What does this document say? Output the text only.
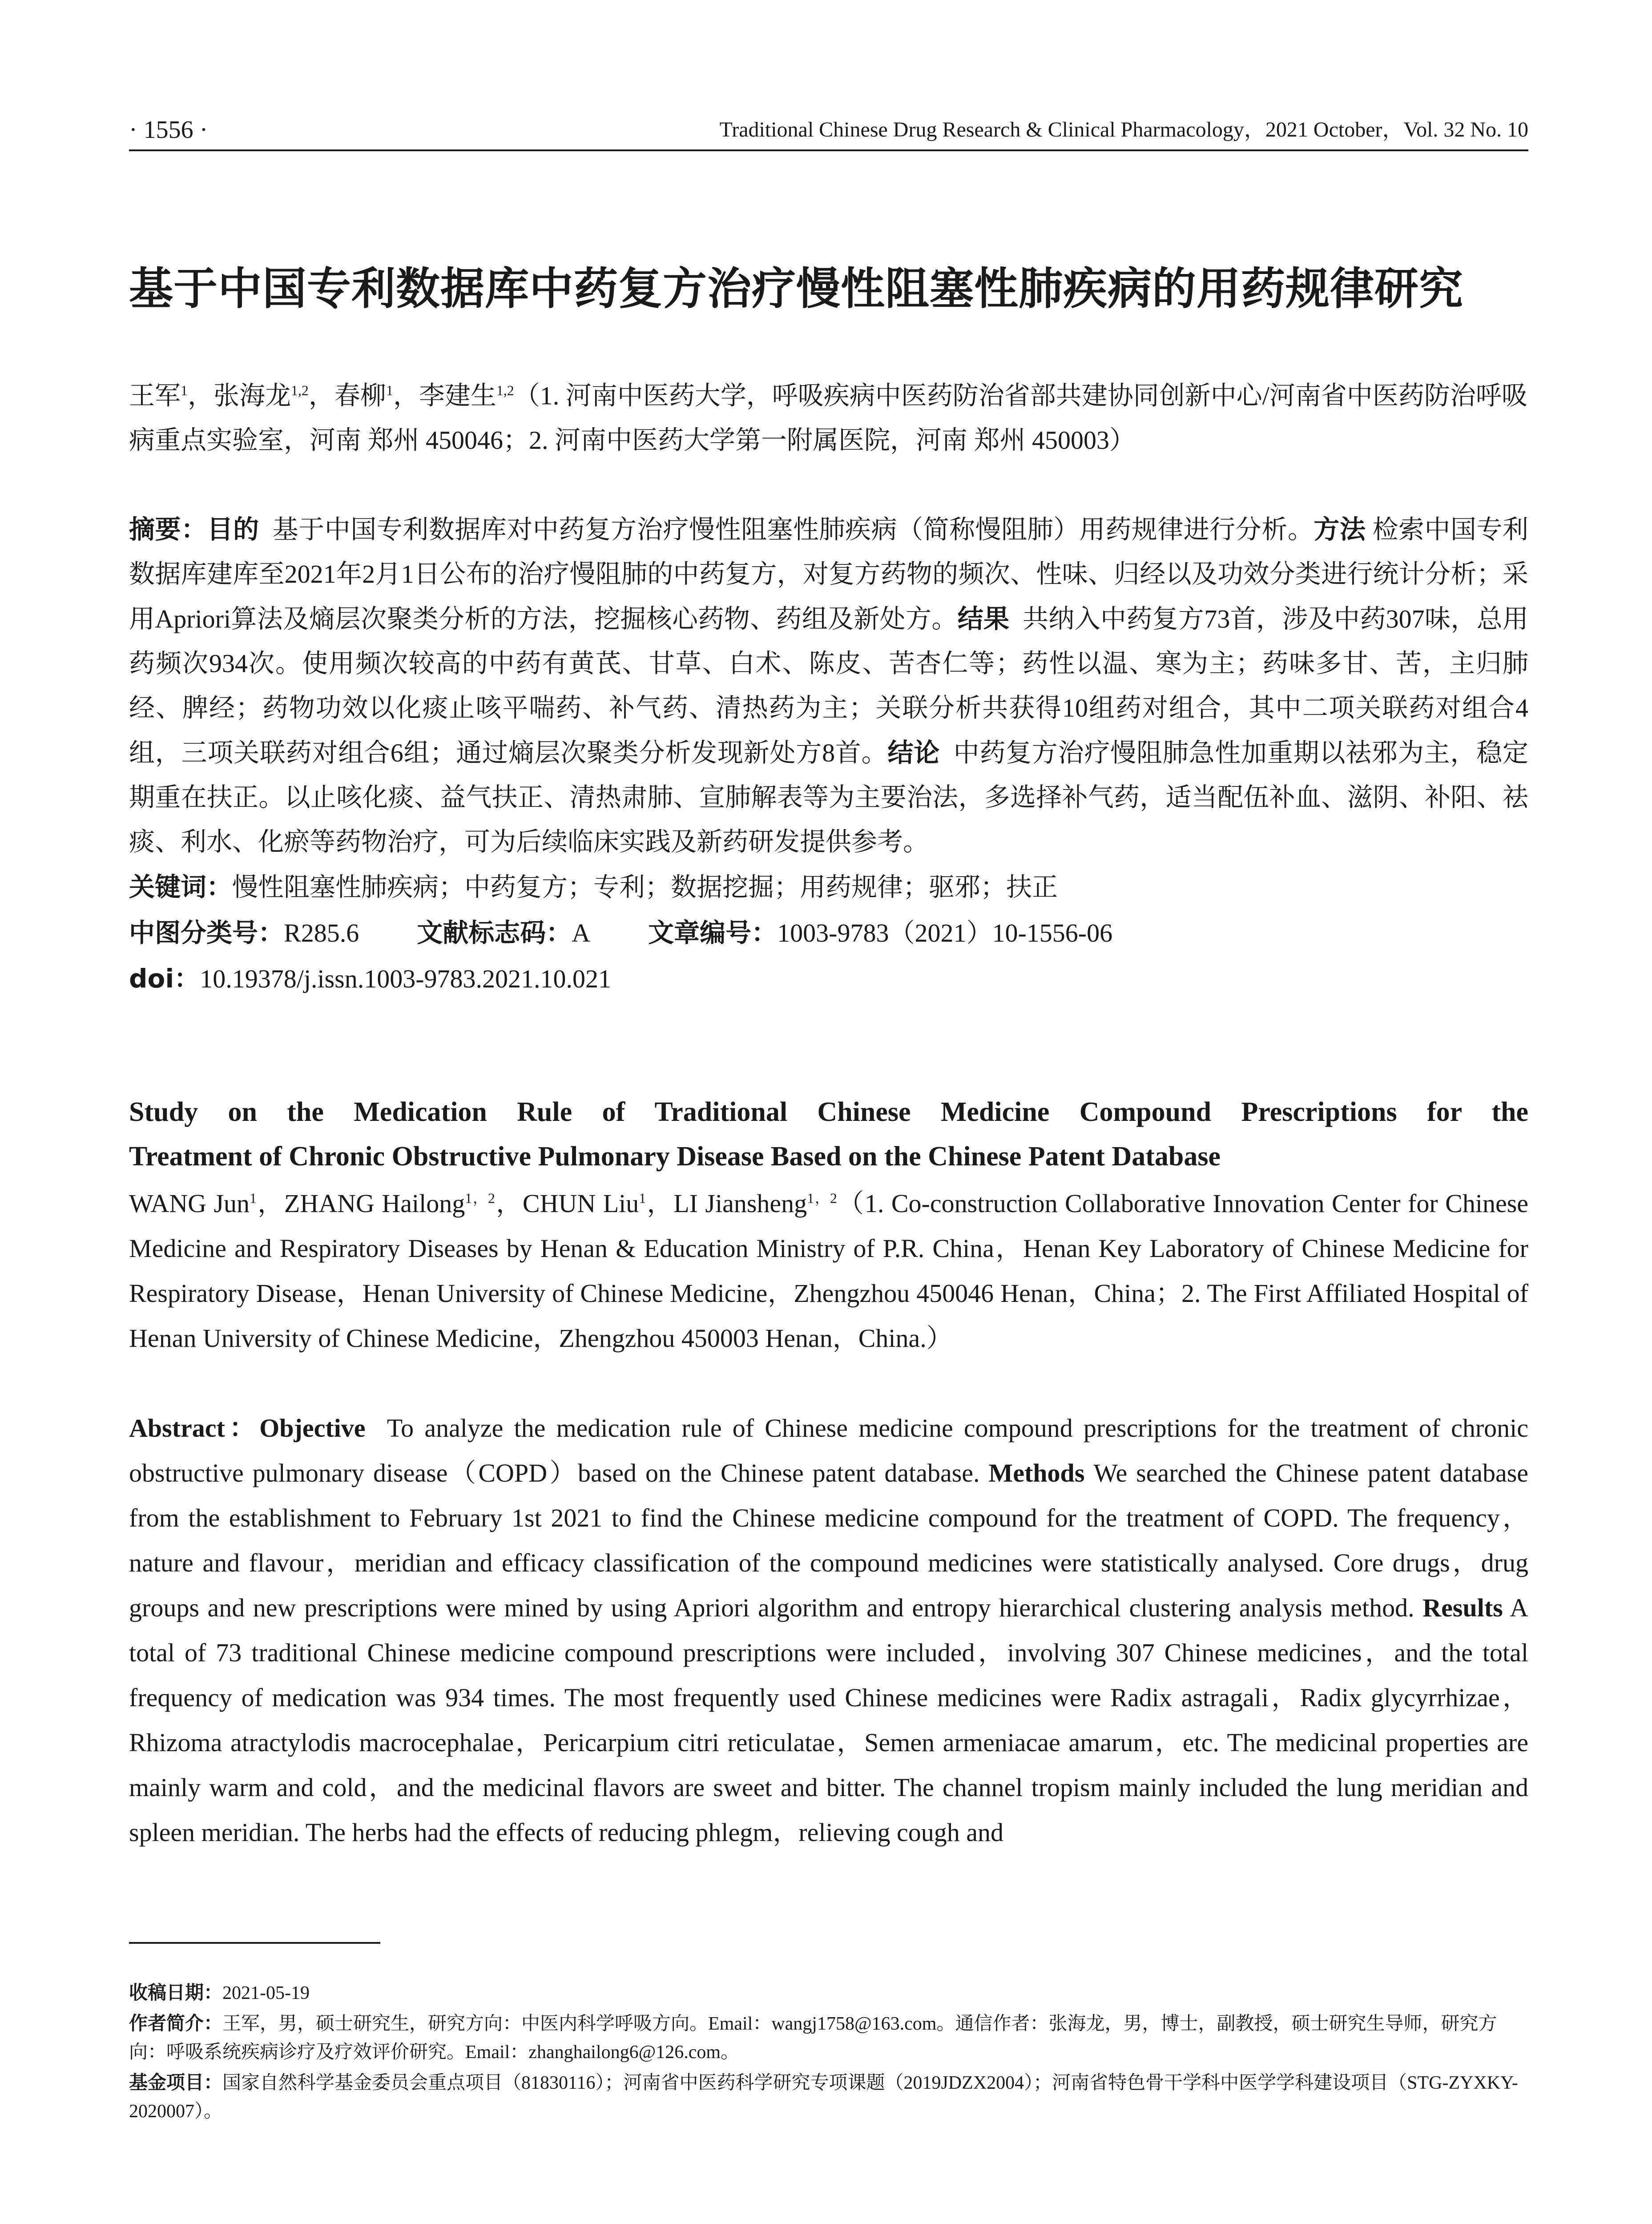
· 1556 ·	Traditional Chinese Drug Research & Clinical Pharmacology，2021 October，Vol. 32 No. 10
基于中国专利数据库中药复方治疗慢性阻塞性肺疾病的用药规律研究
王军$^1$，张海龙$^{1,2}$，春柳$^1$，李建生$^{1,2}$（1. 河南中医药大学，呼吸疾病中医药防治省部共建协同创新中心/河南省中医药防治呼吸病重点实验室，河南 郑州 450046；2. 河南中医药大学第一附属医院，河南 郑州 450003）
摘要：目的 基于中国专利数据库对中药复方治疗慢性阻塞性肺疾病（简称慢阻肺）用药规律进行分析。方法 检索中国专利数据库建库至2021年2月1日公布的治疗慢阻肺的中药复方，对复方药物的频次、性味、归经以及功效分类进行统计分析；采用Apriori算法及熵层次聚类分析的方法，挖掘核心药物、药组及新处方。结果 共纳入中药复方73首，涉及中药307味，总用药频次934次。使用频次较高的中药有黄芪、甘草、白术、陈皮、苦杏仁等；药性以温、寒为主；药味多甘、苦，主归肺经、脾经；药物功效以化痰止咳平喘药、补气药、清热药为主；关联分析共获得10组药对组合，其中二项关联药对组合4组，三项关联药对组合6组；通过熵层次聚类分析发现新处方8首。结论 中药复方治疗慢阻肺急性加重期以祛邪为主，稳定期重在扶正。以止咳化痰、益气扶正、清热肃肺、宣肺解表等为主要治法，多选择补气药，适当配伍补血、滋阴、补阳、祛痰、利水、化瘀等药物治疗，可为后续临床实践及新药研发提供参考。
关键词：慢性阻塞性肺疾病；中药复方；专利；数据挖掘；用药规律；驱邪；扶正
中图分类号：R285.6 文献标志码：A 文章编号：1003-9783（2021）10-1556-06
doi：10.19378/j.issn.1003-9783.2021.10.021
Study on the Medication Rule of Traditional Chinese Medicine Compound Prescriptions for the
Treatment of Chronic Obstructive Pulmonary Disease Based on the Chinese Patent Database
WANG Jun$^1$，ZHANG Hailong$^{1,2}$，CHUN Liu$^1$，LI Jiansheng$^{1,2}$（1. Co-construction Collaborative Innovation Center for Chinese Medicine and Respiratory Diseases by Henan & Education Ministry of P.R. China，Henan Key Laboratory of Chinese Medicine for Respiratory Disease，Henan University of Chinese Medicine，Zhengzhou 450046 Henan，China；2. The First Affiliated Hospital of Henan University of Chinese Medicine，Zhengzhou 450003 Henan，China.）
Abstract：Objective To analyze the medication rule of Chinese medicine compound prescriptions for the treatment of chronic obstructive pulmonary disease（COPD）based on the Chinese patent database. Methods We searched the Chinese patent database from the establishment to February 1st 2021 to find the Chinese medicine compound for the treatment of COPD. The frequency，nature and flavour，meridian and efficacy classification of the compound medicines were statistically analysed. Core drugs，drug groups and new prescriptions were mined by using Apriori algorithm and entropy hierarchical clustering analysis method. Results A total of 73 traditional Chinese medicine compound prescriptions were included，involving 307 Chinese medicines，and the total frequency of medication was 934 times. The most frequently used Chinese medicines were Radix astragali，Radix glycyrrhizae，Rhizoma atractylodis macrocephalae，Pericarpium citri reticulatae，Semen armeniacae amarum，etc. The medicinal properties are mainly warm and cold，and the medicinal flavors are sweet and bitter. The channel tropism mainly included the lung meridian and spleen meridian. The herbs had the effects of reducing phlegm，relieving cough and

收稿日期：2021-05-19

作者简介：王军，男，硕士研究生，研究方向：中医内科学呼吸方向。Email：wangj1758@163.com。通信作者：张海龙，男，博士，副教授，硕士研究生导师，研究方向：呼吸系统疾病诊疗及疗效评价研究。Email：zhanghailong6@126.com。

基金项目：国家自然科学基金委员会重点项目（81830116）；河南省中医药科学研究专项课题（2019JDZX2004）；河南省特色骨干学科中医学学科建设项目（STG-ZYXKY-2020007）。
